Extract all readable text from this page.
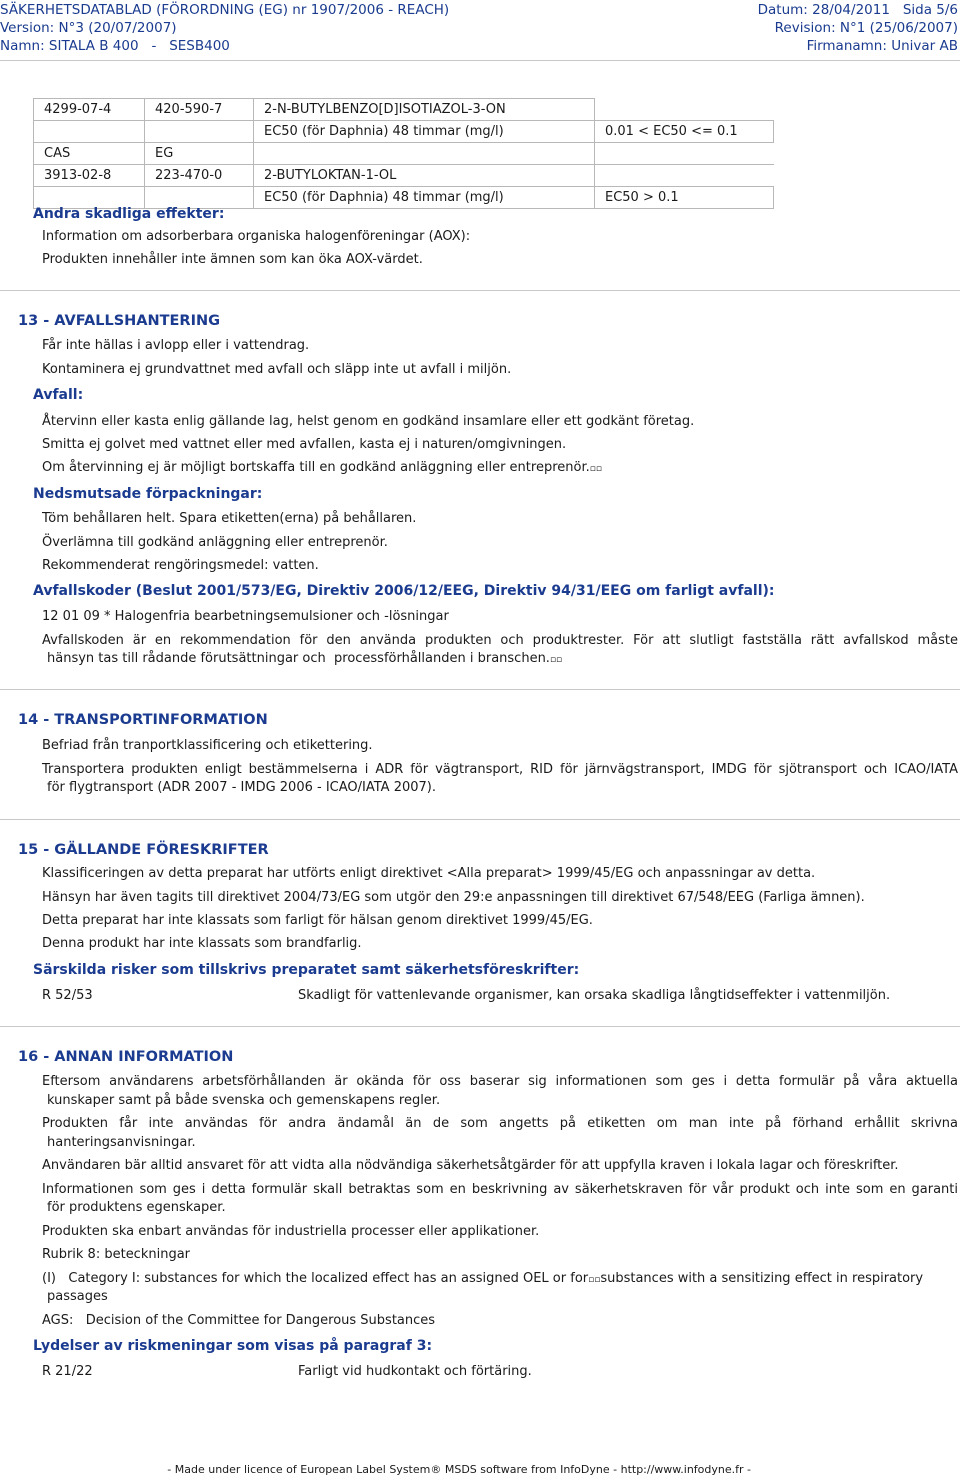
SÄKERHETSDATABLAD (FÖRORDNING (EG) nr 1907/2006 - REACH)	Datum: 28/04/2011 Sida 5/6
Version: N°3 (20/07/2007)	Revision: N°1 (25/06/2007)
Namn: SITALA B 400   -   SESB400	Firmanamn: Univar AB
4299-07-4	420-590-7	2-N-BUTYLBENZO[D]ISOTIAZOL-3-ON	
		EC50 (för Daphnia) 48 timmar (mg/l)	0.01 < EC50 <= 0.1
CAS	EG		
3913-02-8	223-470-0	2-BUTYLOKTAN-1-OL	
		EC50 (för Daphnia) 48 timmar (mg/l)	EC50 > 0.1
Andra skadliga effekter:
Information om adsorberbara organiska halogenföreningar (AOX):
Produkten innehåller inte ämnen som kan öka AOX-värdet.
13 - AVFALLSHANTERING
Får inte hällas i avlopp eller i vattendrag.
Kontaminera ej grundvattnet med avfall och släpp inte ut avfall i miljön.
Avfall:
Återvinn eller kasta enlig gällande lag, helst genom en godkänd insamlare eller ett godkänt företag.
Smitta ej golvet med vattnet eller med avfallen, kasta ej i naturen/omgivningen.
Om återvinning ej är möjligt bortskaffa till en godkänd anläggning eller entreprenör.▫▫
Nedsmutsade förpackningar:
Töm behållaren helt. Spara etiketten(erna) på behållaren.
Överlämna till godkänd anläggning eller entreprenör.
Rekommenderat rengöringsmedel: vatten.
Avfallskoder (Beslut 2001/573/EG, Direktiv 2006/12/EEG, Direktiv 94/31/EEG om farligt avfall):
12 01 09 * Halogenfria bearbetningsemulsioner och -lösningar
Avfallskoden är en rekommendation för den använda produkten och produktrester. För att slutligt fastställa rätt avfallskod måste
hänsyn tas till rådande förutsättningar och  processförhållanden i branschen.▫▫
14 - TRANSPORTINFORMATION
Befriad från tranportklassificering och etikettering.
Transportera produkten enligt bestämmelserna i ADR för vägtransport, RID för järnvägstransport, IMDG för sjötransport och ICAO/IATA
för flygtransport (ADR 2007 - IMDG 2006 - ICAO/IATA 2007).
15 - GÄLLANDE FÖRESKRIFTER
Klassificeringen av detta preparat har utförts enligt direktivet <Alla preparat> 1999/45/EG och anpassningar av detta.
Hänsyn har även tagits till direktivet 2004/73/EG som utgör den 29:e anpassningen till direktivet 67/548/EEG (Farliga ämnen).
Detta preparat har inte klassats som farligt för hälsan genom direktivet 1999/45/EG.
Denna produkt har inte klassats som brandfarlig.
Särskilda risker som tillskrivs preparatet samt säkerhetsföreskrifter:
R 52/53	Skadligt för vattenlevande organismer, kan orsaka skadliga långtidseffekter i vattenmiljön.
16 - ANNAN INFORMATION
Eftersom användarens arbetsförhållanden är okända för oss baserar sig informationen som ges i detta formulär på våra aktuella
kunskaper samt på både svenska och gemenskapens regler.
Produkten får inte användas för andra ändamål än de som angetts på etiketten om man inte på förhand erhållit skrivna
hanteringsanvisningar.
Användaren bär alltid ansvaret för att vidta alla nödvändiga säkerhetsåtgärder för att uppfylla kraven i lokala lagar och föreskrifter.
Informationen som ges i detta formulär skall betraktas som en beskrivning av säkerhetskraven för vår produkt och inte som en garanti
för produktens egenskaper.
Produkten ska enbart användas för industriella processer eller applikationer.
Rubrik 8: beteckningar
(I)   Category I: substances for which the localized effect has an assigned OEL or for▫▫substances with a sensitizing effect in respiratory
passages
AGS:   Decision of the Committee for Dangerous Substances
Lydelser av riskmeningar som visas på paragraf 3:
R 21/22	Farligt vid hudkontakt och förtäring.
- Made under licence of European Label System® MSDS software from InfoDyne - http://www.infodyne.fr -
